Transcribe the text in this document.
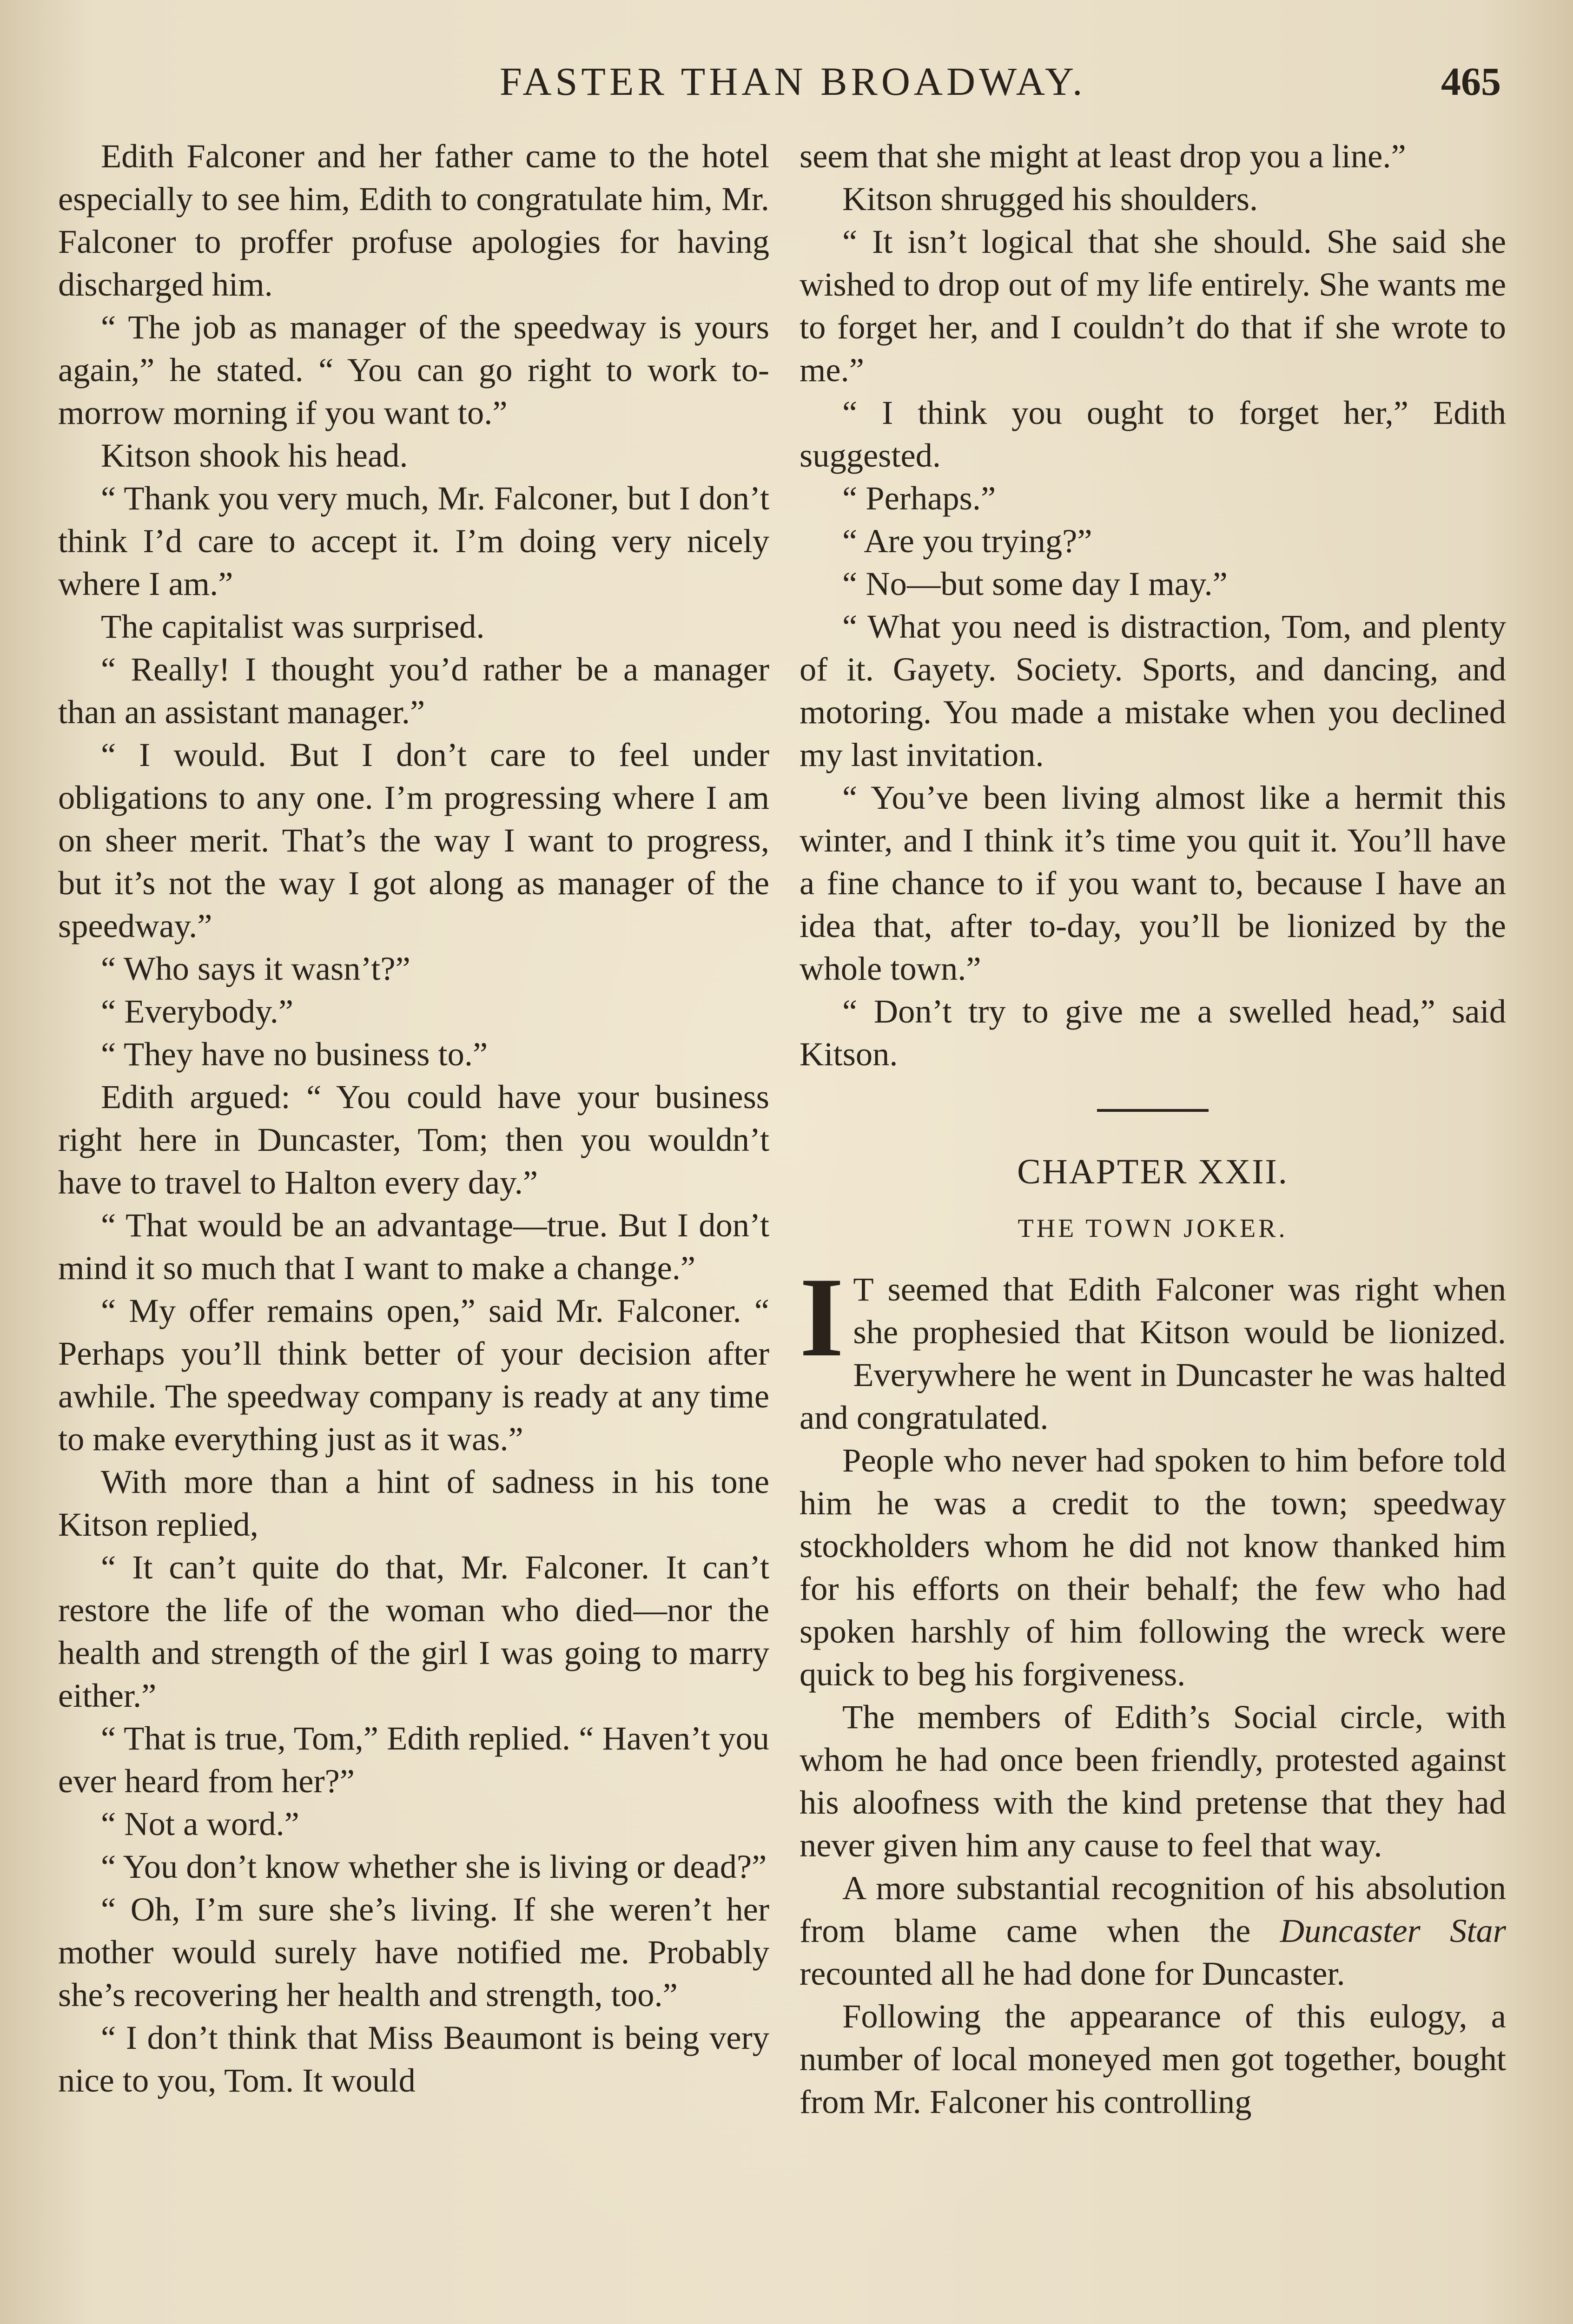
FASTER THAN BROADWAY.	465

Edith Falconer and her father came to the hotel especially to see him, Edith to congratulate him, Mr. Falconer to proffer profuse apologies for having discharged him.

“ The job as manager of the speedway is yours again,” he stated. “ You can go right to work to-morrow morning if you want to.”

Kitson shook his head.

“ Thank you very much, Mr. Falconer, but I don’t think I’d care to accept it. I’m doing very nicely where I am.”

The capitalist was surprised.

“ Really! I thought you’d rather be a manager than an assistant manager.”

“ I would. But I don’t care to feel under obligations to any one. I’m progressing where I am on sheer merit. That’s the way I want to progress, but it’s not the way I got along as manager of the speedway.”

“ Who says it wasn’t?”

“ Everybody.”

“ They have no business to.”

Edith argued: “ You could have your business right here in Duncaster, Tom; then you wouldn’t have to travel to Halton every day.”

“ That would be an advantage—true. But I don’t mind it so much that I want to make a change.”

“ My offer remains open,” said Mr. Falconer. “ Perhaps you’ll think better of your decision after awhile. The speedway company is ready at any time to make everything just as it was.”

With more than a hint of sadness in his tone Kitson replied,

“ It can’t quite do that, Mr. Falconer. It can’t restore the life of the woman who died—nor the health and strength of the girl I was going to marry either.”

“ That is true, Tom,” Edith replied. “ Haven’t you ever heard from her?”

“ Not a word.”

“ You don’t know whether she is living or dead?”

“ Oh, I’m sure she’s living. If she weren’t her mother would surely have notified me. Probably she’s recovering her health and strength, too.”

“ I don’t think that Miss Beaumont is being very nice to you, Tom. It would

seem that she might at least drop you a line.”

Kitson shrugged his shoulders.

“ It isn’t logical that she should. She said she wished to drop out of my life entirely. She wants me to forget her, and I couldn’t do that if she wrote to me.”

“ I think you ought to forget her,” Edith suggested.

“ Perhaps.”

“ Are you trying?”

“ No—but some day I may.”

“ What you need is distraction, Tom, and plenty of it. Gayety. Society. Sports, and dancing, and motoring. You made a mistake when you declined my last invitation.

“ You’ve been living almost like a hermit this winter, and I think it’s time you quit it. You’ll have a fine chance to if you want to, because I have an idea that, after to-day, you’ll be lionized by the whole town.”

“ Don’t try to give me a swelled head,” said Kitson.

CHAPTER XXII.
THE TOWN JOKER.

I T seemed that Edith Falconer was right when she prophesied that Kitson would be lionized. Everywhere he went in Duncaster he was halted and congratulated.

People who never had spoken to him before told him he was a credit to the town; speedway stockholders whom he did not know thanked him for his efforts on their behalf; the few who had spoken harshly of him following the wreck were quick to beg his forgiveness.

The members of Edith’s Social circle, with whom he had once been friendly, protested against his aloofness with the kind pretense that they had never given him any cause to feel that way.

A more substantial recognition of his absolution from blame came when the Duncaster Star recounted all he had done for Duncaster.

Following the appearance of this eulogy, a number of local moneyed men got together, bought from Mr. Falconer his controlling
